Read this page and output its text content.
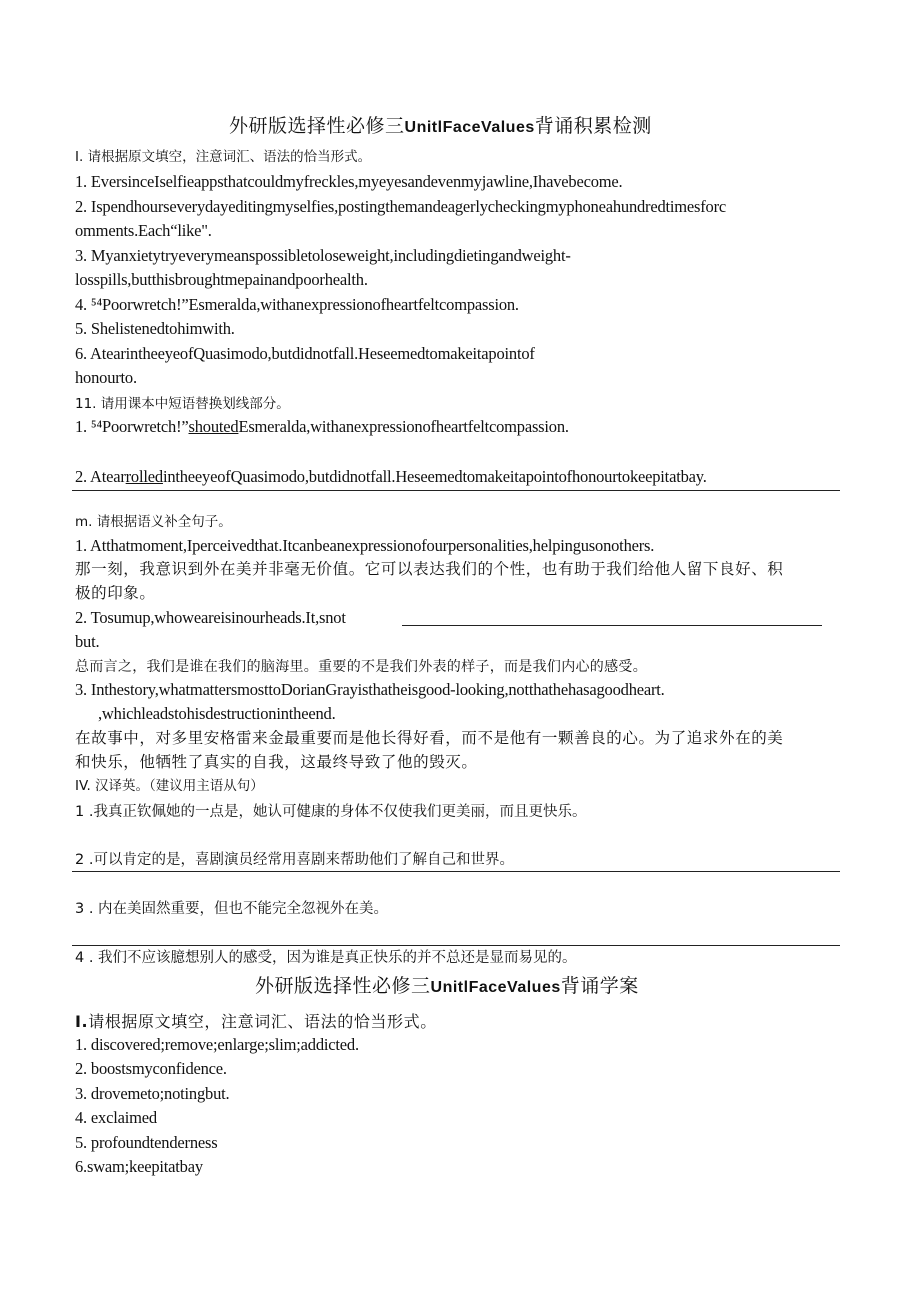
外研版选择性必修三UnitlFaceValues背诵积累检测
I. 请根据原文填空，注意词汇、语法的恰当形式。
1. EversinceIselfieappsthatcouldmyfreckles,myeyesandevenmyjawline,Ihavebecome.
2. Ispendhourseverydayeditingmyselfies,postingthemandeagerlycheckingmyphoneahundredtimesforc
omments.Each“like".
3. Myanxietytryeverymeanspossibletoloseweight,includingdietingandweight-
losspills,butthisbroughtmepainandpoorhealth.
4. ⁵⁴Poorwretch!”Esmeralda,withanexpressionofheartfeltcompassion.
5. Shelistenedtohimwith.
6. AtearintheeyeofQuasimodo,butdidnotfall.Heseemedtomakeitapointof
honourto.
11. 请用课本中短语替换划线部分。
1. ⁵⁴Poorwretch!”shoutedEsmeralda,withanexpressionofheartfeltcompassion.
2. AtearrolledintheeyeofQuasimodo,butdidnotfall.Heseemedtomakeitapointofhonourtokeepitatbay.
m. 请根据语义补全句子。
1. Atthatmoment,Iperceivedthat.Itcanbeanexpressionofourpersonalities,helpingusonothers.
那一刻，我意识到外在美并非毫无价值。它可以表达我们的个性，也有助于我们给他人留下良好、积
极的印象。
2. Tosumup,whoweareisinourheads.It,snot
but.
总而言之，我们是谁在我们的脑海里。重要的不是我们外表的样子，而是我们内心的感受。
3. Inthestory,whatmattersmosttoDorianGrayisthatheisgood-looking,notthathehasagoodheart.
,whichleadstohisdestructionintheend.
在故事中，对多里安格雷来金最重要而是他长得好看，而不是他有一颗善良的心。为了追求外在的美
和快乐，他牺牲了真实的自我，这最终导致了他的毁灭。
IV. 汉译英。（建议用主语从句）
1 .我真正钦佩她的一点是，她认可健康的身体不仅使我们更美丽，而且更快乐。
2 .可以肯定的是，喜剧演员经常用喜剧来帮助他们了解自己和世界。
3 . 内在美固然重要，但也不能完全忽视外在美。
4 . 我们不应该臆想别人的感受，因为谁是真正快乐的并不总还是显而易见的。
外研版选择性必修三UnitlFaceValues背诵学案
I.请根据原文填空，注意词汇、语法的恰当形式。
1. discovered;remove;enlarge;slim;addicted.
2. boostsmyconfidence.
3. drovemeto;notingbut.
4. exclaimed
5. profoundtenderness
6.swam;keepitatbay
